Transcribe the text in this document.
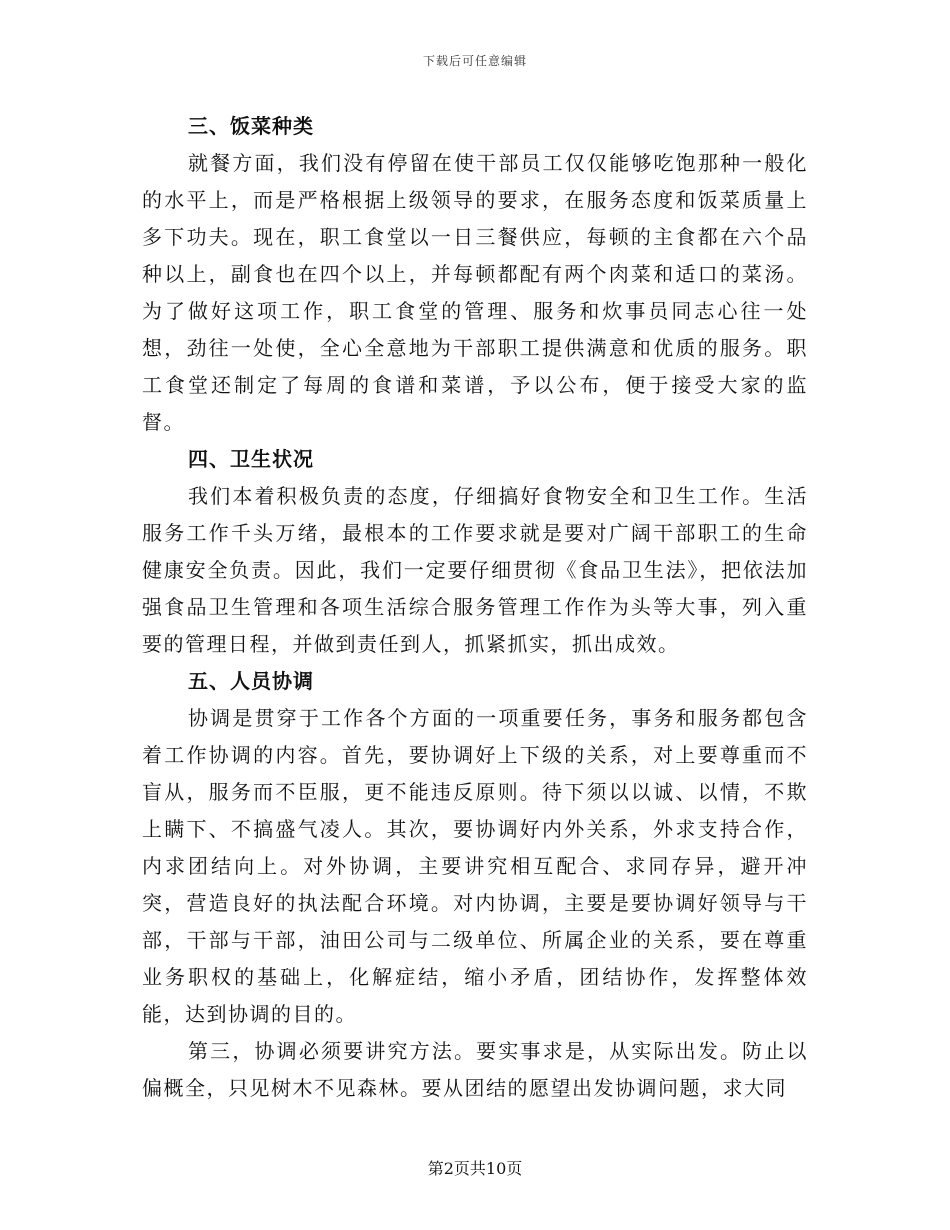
下载后可任意编辑
三、饭菜种类

就餐方面，我们没有停留在使干部员工仅仅能够吃饱那种一般化的水平上，而是严格根据上级领导的要求，在服务态度和饭菜质量上多下功夫。现在，职工食堂以一日三餐供应，每顿的主食都在六个品种以上，副食也在四个以上，并每顿都配有两个肉菜和适口的菜汤。为了做好这项工作，职工食堂的管理、服务和炊事员同志心往一处想，劲往一处使，全心全意地为干部职工提供满意和优质的服务。职工食堂还制定了每周的食谱和菜谱，予以公布，便于接受大家的监督。

四、卫生状况

我们本着积极负责的态度，仔细搞好食物安全和卫生工作。生活服务工作千头万绪，最根本的工作要求就是要对广阔干部职工的生命健康安全负责。因此，我们一定要仔细贯彻《食品卫生法》，把依法加强食品卫生管理和各项生活综合服务管理工作作为头等大事，列入重要的管理日程，并做到责任到人，抓紧抓实，抓出成效。

五、人员协调

协调是贯穿于工作各个方面的一项重要任务，事务和服务都包含着工作协调的内容。首先，要协调好上下级的关系，对上要尊重而不盲从，服务而不臣服，更不能违反原则。待下须以以诚、以情，不欺上瞒下、不搞盛气凌人。其次，要协调好内外关系，外求支持合作，内求团结向上。对外协调，主要讲究相互配合、求同存异，避开冲突，营造良好的执法配合环境。对内协调，主要是要协调好领导与干部，干部与干部，油田公司与二级单位、所属企业的关系，要在尊重业务职权的基础上，化解症结，缩小矛盾，团结协作，发挥整体效能，达到协调的目的。

第三，协调必须要讲究方法。要实事求是，从实际出发。防止以偏概全，只见树木不见森林。要从团结的愿望出发协调问题，求大同

第2页共10页
